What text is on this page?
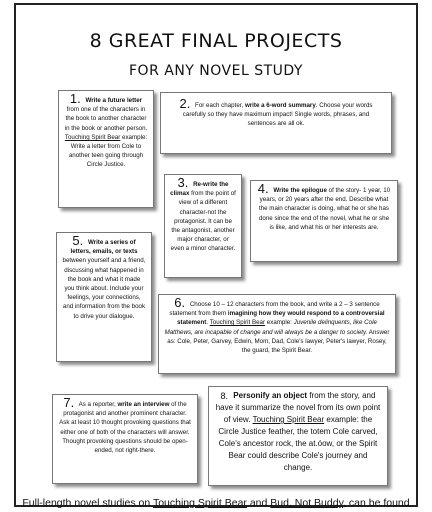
8 GREAT FINAL PROJECTS
FOR ANY NOVEL STUDY
1. Write a future letter from one of the characters in the book to another character in the book or another person. Touching Spirit Bear example: Write a letter from Cole to another teen going through Circle Justice.
2. For each chapter, write a 6-word summary. Choose your words carefully so they have maximum impact! Single words, phrases, and sentences are all ok.
3. Re-write the climax from the point of view of a different character-not the protagonist. It can be the antagonist, another major character, or even a minor character.
4. Write the epilogue of the story- 1 year, 10 years, or 20 years after the end. Describe what the main character is doing, what he or she has done since the end of the novel, what he or she is like, and what his or her interests are.
5. Write a series of letters, emails, or texts between yourself and a friend, discussing what happened in the book and what it made you think about. Include your feelings, your connections, and information from the book to drive your dialogue.
6. Choose 10 – 12 characters from the book, and write a 2 – 3 sentence statement from them imagining how they would respond to a controversial statement. Touching Spirit Bear example: Juvenile delinquents, like Cole Matthews, are incapable of change and will always be a danger to society. Answer as: Cole, Peter, Garvey, Edwin, Mom, Dad, Cole's lawyer, Peter's lawyer, Rosey, the guard, the Spirit Bear.
7. As a reporter, write an interview of the protagonist and another prominent character. Ask at least 10 thought provoking questions that either one of both of the characters will answer. Thought provoking questions should be open-ended, not right-there.
8. Personify an object from the story, and have it summarize the novel from its own point of view. Touching Spirit Bear example: the Circle Justice feather, the totem Cole carved, Cole's ancestor rock, the at.óow, or the Spirit Bear could describe Cole's journey and change.
Full-length novel studies on Touching Spirit Bear and Bud, Not Buddy, can be found
